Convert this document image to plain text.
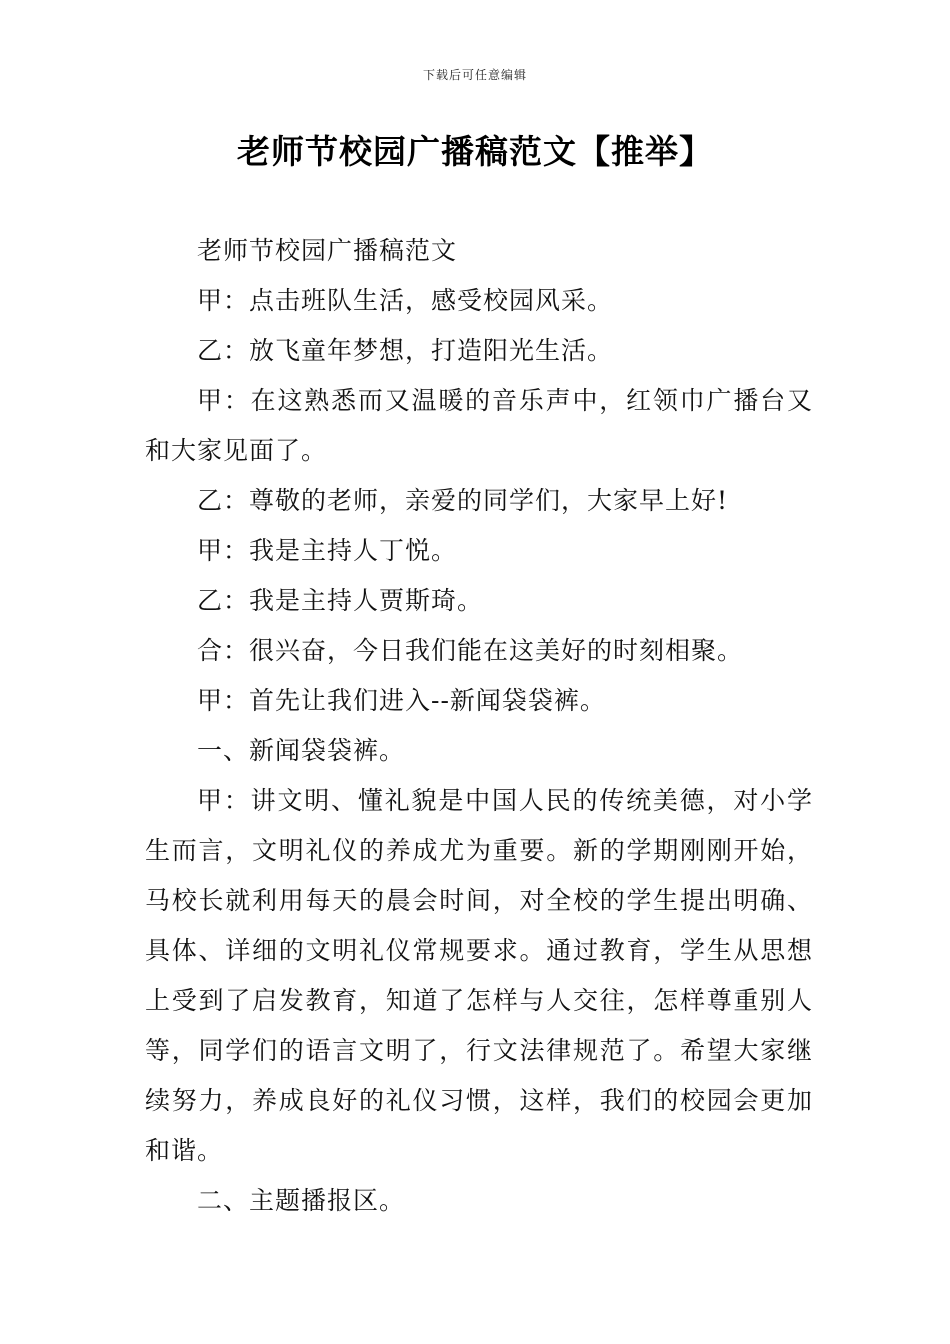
下载后可任意编辑
老师节校园广播稿范文【推举】

老师节校园广播稿范文

甲：点击班队生活，感受校园风采。

乙：放飞童年梦想，打造阳光生活。

甲：在这熟悉而又温暖的音乐声中，红领巾广播台又和大家见面了。

乙：尊敬的老师，亲爱的同学们，大家早上好!

甲：我是主持人丁悦。

乙：我是主持人贾斯琦。

合：很兴奋，今日我们能在这美好的时刻相聚。

甲：首先让我们进入--新闻袋袋裤。

一、新闻袋袋裤。

甲：讲文明、懂礼貌是中国人民的传统美德，对小学生而言，文明礼仪的养成尤为重要。新的学期刚刚开始，马校长就利用每天的晨会时间，对全校的学生提出明确、具体、详细的文明礼仪常规要求。通过教育，学生从思想上受到了启发教育，知道了怎样与人交往，怎样尊重别人等，同学们的语言文明了，行文法律规范了。希望大家继续努力，养成良好的礼仪习惯，这样，我们的校园会更加和谐。

二、主题播报区。
